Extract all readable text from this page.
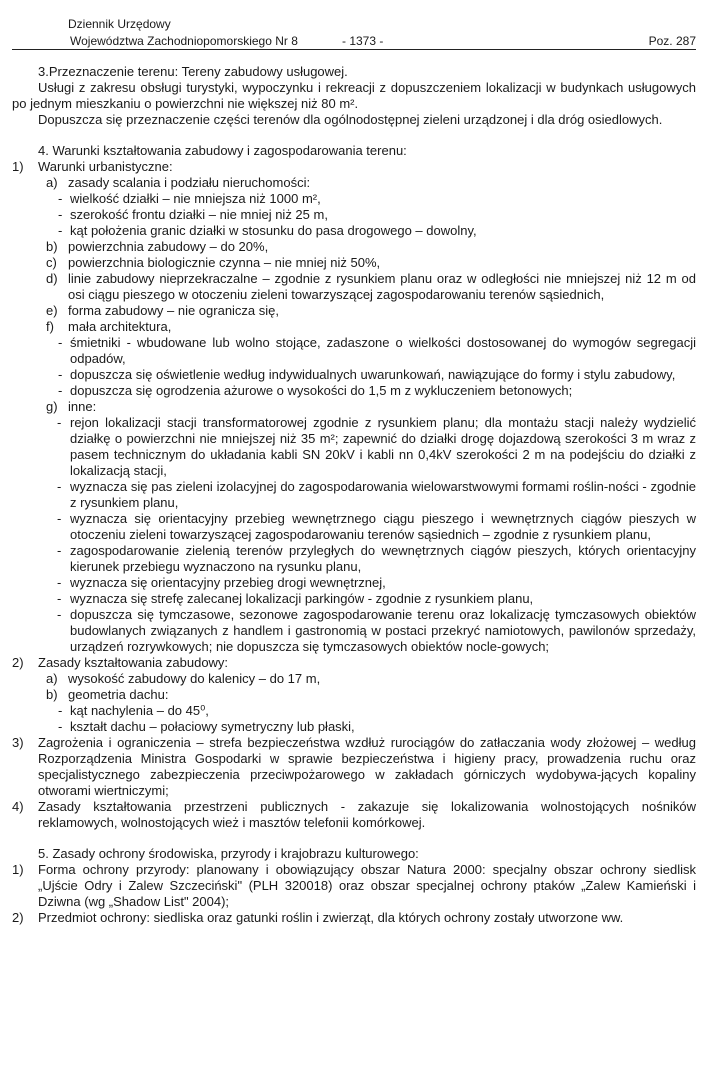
Dziennik Urzędowy
Województwa Zachodniopomorskiego Nr 8	- 1373 -	Poz. 287
3.Przeznaczenie terenu: Tereny zabudowy usługowej.
Usługi z zakresu obsługi turystyki, wypoczynku i rekreacji z dopuszczeniem lokalizacji w budynkach usługowych po jednym mieszkaniu o powierzchni nie większej niż 80 m².
Dopuszcza się przeznaczenie części terenów dla ogólnodostępnej zieleni urządzonej i dla dróg osiedlowych.
4. Warunki kształtowania zabudowy i zagospodarowania terenu:
1) Warunki urbanistyczne:
a) zasady scalania i podziału nieruchomości:
- wielkość działki – nie mniejsza niż 1000 m²,
- szerokość frontu działki – nie mniej niż 25 m,
- kąt położenia granic działki w stosunku do pasa drogowego – dowolny,
b) powierzchnia zabudowy – do 20%,
c) powierzchnia biologicznie czynna – nie mniej niż 50%,
d) linie zabudowy nieprzekraczalne – zgodnie z rysunkiem planu oraz w odległości nie mniejszej niż 12 m od osi ciągu pieszego w otoczeniu zieleni towarzyszącej zagospodarowaniu terenów sąsiednich,
e) forma zabudowy – nie ogranicza się,
f) mała architektura,
- śmietniki - wbudowane lub wolno stojące, zadaszone o wielkości dostosowanej do wymogów segregacji odpadów,
- dopuszcza się oświetlenie według indywidualnych uwarunkowań, nawiązujące do formy i stylu zabudowy,
- dopuszcza się ogrodzenia ażurowe o wysokości do 1,5 m z wykluczeniem betonowych;
g) inne:
- rejon lokalizacji stacji transformatorowej zgodnie z rysunkiem planu; dla montażu stacji należy wydzielić działkę o powierzchni nie mniejszej niż 35 m²; zapewnić do działki drogę dojazdową szerokości 3 m wraz z pasem technicznym do układania kabli SN 20kV i kabli nn 0,4kV szerokości 2 m na podejściu do działki z lokalizacją stacji,
- wyznacza się pas zieleni izolacyjnej do zagospodarowania wielowarstwowymi formami roślin-ności - zgodnie z rysunkiem planu,
- wyznacza się orientacyjny przebieg wewnętrznego ciągu pieszego i wewnętrznych ciągów pieszych w otoczeniu zieleni towarzyszącej zagospodarowaniu terenów sąsiednich – zgodnie z rysunkiem planu,
- zagospodarowanie zielenią terenów przyległych do wewnętrznych ciągów pieszych, których orientacyjny kierunek przebiegu wyznaczono na rysunku planu,
- wyznacza się orientacyjny przebieg drogi wewnętrznej,
- wyznacza się strefę zalecanej lokalizacji parkingów - zgodnie z rysunkiem planu,
- dopuszcza się tymczasowe, sezonowe zagospodarowanie terenu oraz lokalizację tymczasowych obiektów budowlanych związanych z handlem i gastronomią w postaci przekryć namiotowych, pawilonów sprzedaży, urządzeń rozrywkowych; nie dopuszcza się tymczasowych obiektów nocle-gowych;
2) Zasady kształtowania zabudowy:
a) wysokość zabudowy do kalenicy – do 17 m,
b) geometria dachu:
- kąt nachylenia – do 45⁰,
- kształt dachu – połaciowy symetryczny lub płaski,
3) Zagrożenia i ograniczenia – strefa bezpieczeństwa wzdłuż rurociągów do zatłaczania wody złożowej – według Rozporządzenia Ministra Gospodarki w sprawie bezpieczeństwa i higieny pracy, prowadzenia ruchu oraz specjalistycznego zabezpieczenia przeciwpożarowego w zakładach górniczych wydobywa-jących kopaliny otworami wiertniczymi;
4) Zasady kształtowania przestrzeni publicznych - zakazuje się lokalizowania wolnostojących nośników reklamowych, wolnostojących wież i masztów telefonii komórkowej.
5. Zasady ochrony środowiska, przyrody i krajobrazu kulturowego:
1) Forma ochrony przyrody: planowany i obowiązujący obszar Natura 2000: specjalny obszar ochrony siedlisk „Ujście Odry i Zalew Szczeciński" (PLH 320018) oraz obszar specjalnej ochrony ptaków „Zalew Kamieński i Dziwna (wg „Shadow List" 2004);
2) Przedmiot ochrony: siedliska oraz gatunki roślin i zwierząt, dla których ochrony zostały utworzone ww.
